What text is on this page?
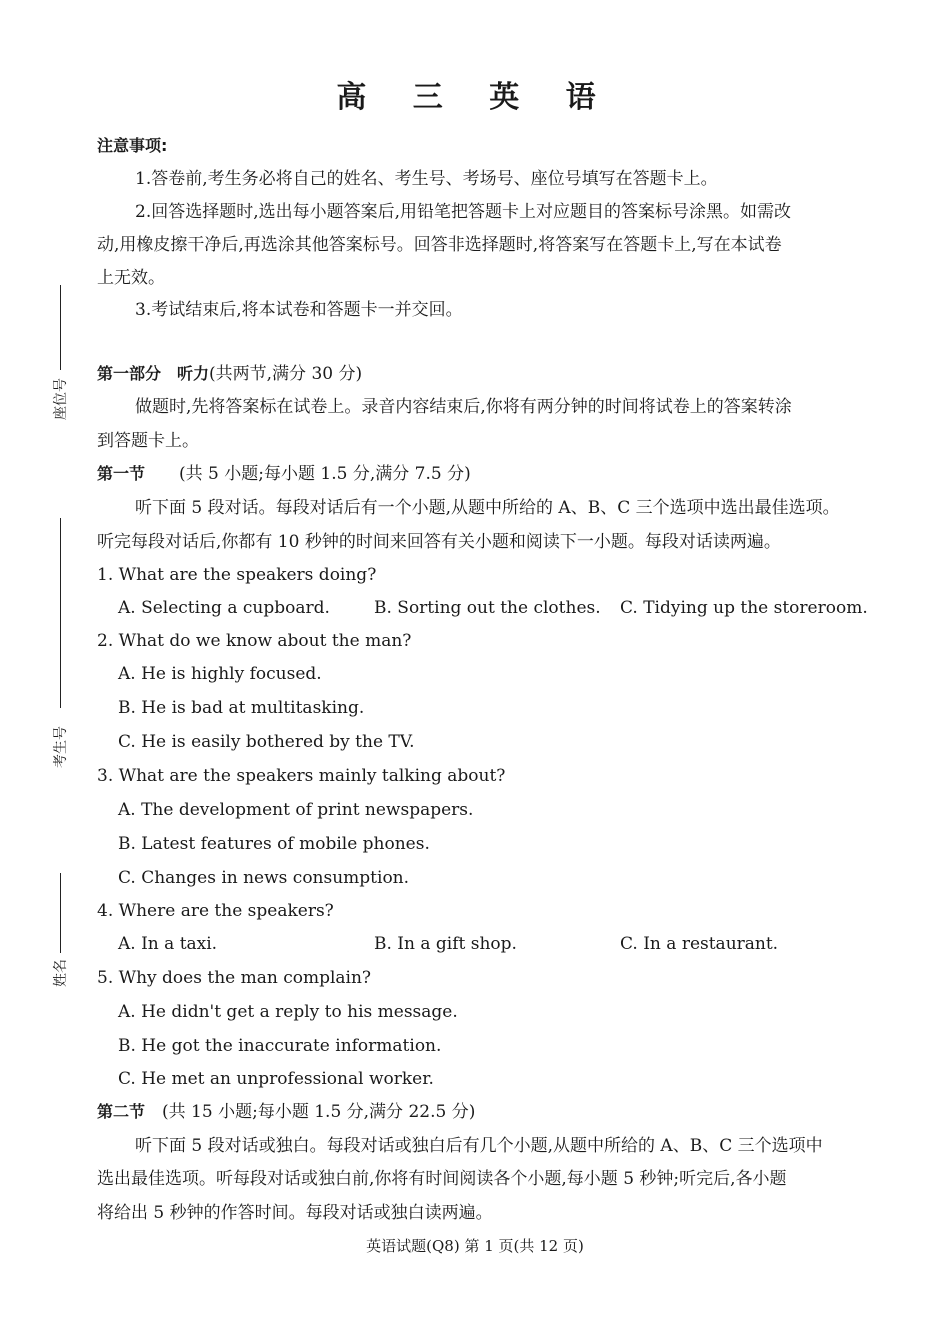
座位号
考生号
姓名
高 三 英 语
注意事项:
1.答卷前,考生务必将自己的姓名、考生号、考场号、座位号填写在答题卡上。
2.回答选择题时,选出每小题答案后,用铅笔把答题卡上对应题目的答案标号涂黑。如需改
动,用橡皮擦干净后,再选涂其他答案标号。回答非选择题时,将答案写在答题卡上,写在本试卷
上无效。
3.考试结束后,将本试卷和答题卡一并交回。
第一部分　听力(共两节,满分 30 分)
做题时,先将答案标在试卷上。录音内容结束后,你将有两分钟的时间将试卷上的答案转涂
到答题卡上。
第一节　　 (共 5 小题;每小题 1.5 分,满分 7.5 分)
听下面 5 段对话。每段对话后有一个小题,从题中所给的 A、B、C 三个选项中选出最佳选项。
听完每段对话后,你都有 10 秒钟的时间来回答有关小题和阅读下一小题。每段对话读两遍。
1. What are the speakers doing?
A. Selecting a cupboard.	B. Sorting out the clothes. C. Tidying up the storeroom.
2. What do we know about the man?
A. He is highly focused.
B. He is bad at multitasking.
C. He is easily bothered by the TV.
3. What are the speakers mainly talking about?
A. The development of print newspapers.
B. Latest features of mobile phones.
C. Changes in news consumption.
4. Where are the speakers?
A. In a taxi.	B. In a gift shop.	C. In a restaurant.
5. Why does the man complain?
A. He didn't get a reply to his message.
B. He got the inaccurate information.
C. He met an unprofessional worker.
第二节　 (共 15 小题;每小题 1.5 分,满分 22.5 分)
听下面 5 段对话或独白。每段对话或独白后有几个小题,从题中所给的 A、B、C 三个选项中
选出最佳选项。听每段对话或独白前,你将有时间阅读各个小题,每小题 5 秒钟;听完后,各小题
将给出 5 秒钟的作答时间。每段对话或独白读两遍。
英语试题(Q8) 第 1 页(共 12 页)
